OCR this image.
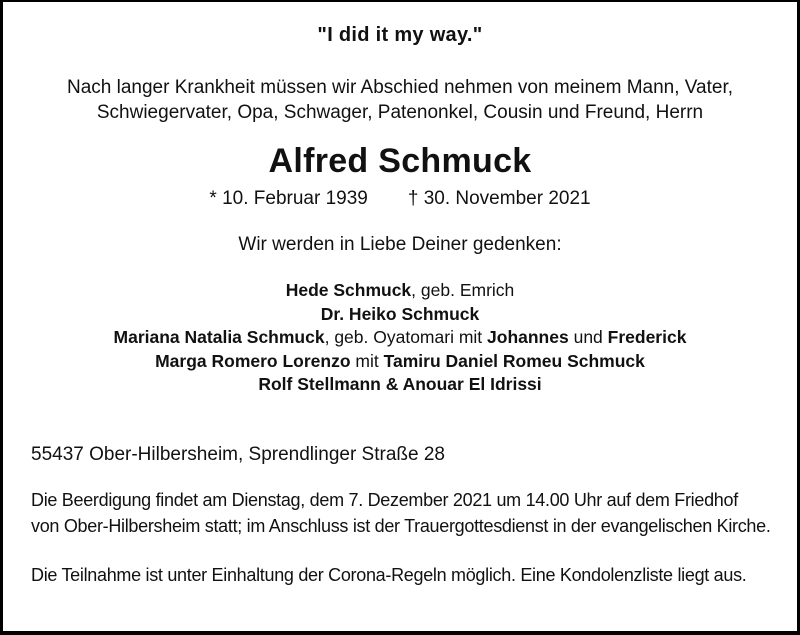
"I did it my way."
Nach langer Krankheit müssen wir Abschied nehmen von meinem Mann, Vater,
Schwiegervater, Opa, Schwager, Patenonkel, Cousin und Freund, Herrn
Alfred Schmuck
* 10. Februar 1939 † 30. November 2021
Wir werden in Liebe Deiner gedenken:
Hede Schmuck, geb. Emrich
Dr. Heiko Schmuck
Mariana Natalia Schmuck, geb. Oyatomari mit Johannes und Frederick
Marga Romero Lorenzo mit Tamiru Daniel Romeu Schmuck
Rolf Stellmann & Anouar El Idrissi
55437 Ober-Hilbersheim, Sprendlinger Straße 28
Die Beerdigung findet am Dienstag, dem 7. Dezember 2021 um 14.00 Uhr auf dem Friedhof
von Ober-Hilbersheim statt; im Anschluss ist der Trauergottesdienst in der evangelischen Kirche.
Die Teilnahme ist unter Einhaltung der Corona-Regeln möglich. Eine Kondolenzliste liegt aus.
